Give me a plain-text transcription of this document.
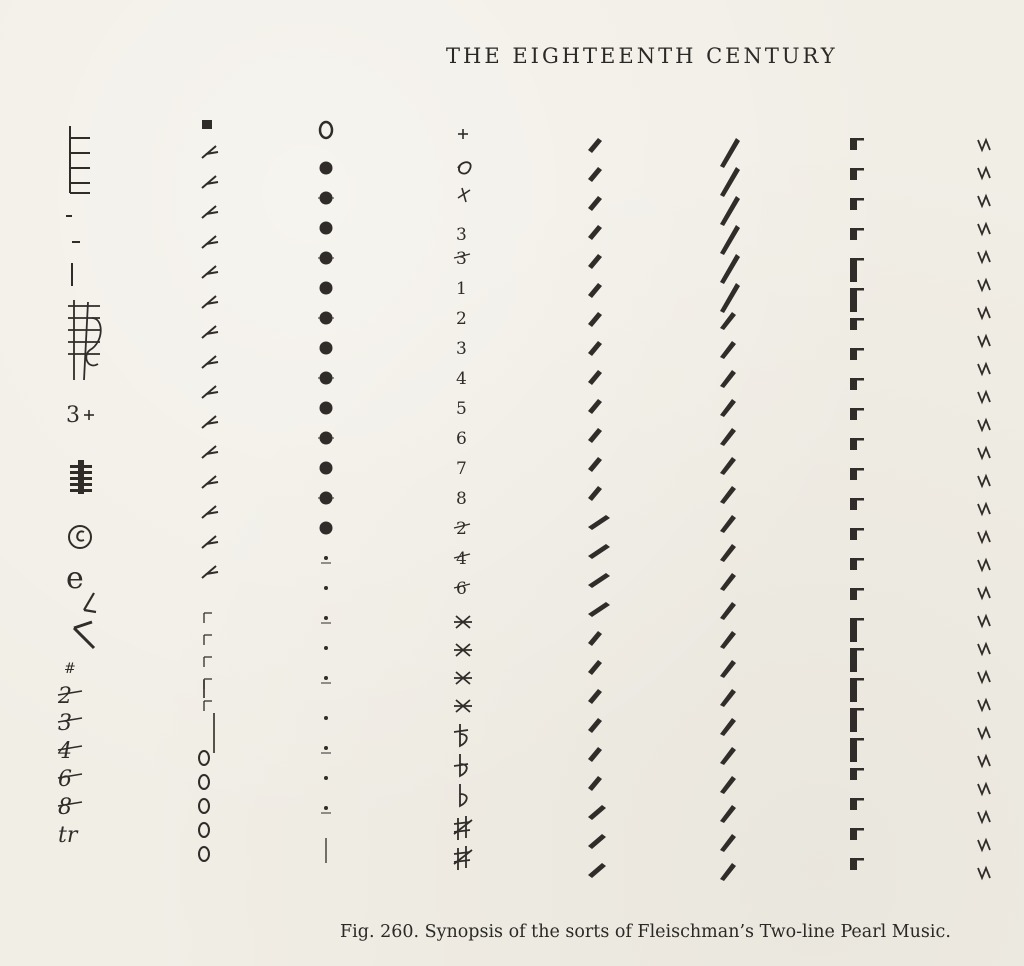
THE EIGHTEENTH CENTURY
3
e
#
2
3
4
6
8
tr
3
3
1
2
3
4
5
6
7
8
2
4
6
Fig. 260. Synopsis of the sorts of Fleischman’s Two-line Pearl Music.
